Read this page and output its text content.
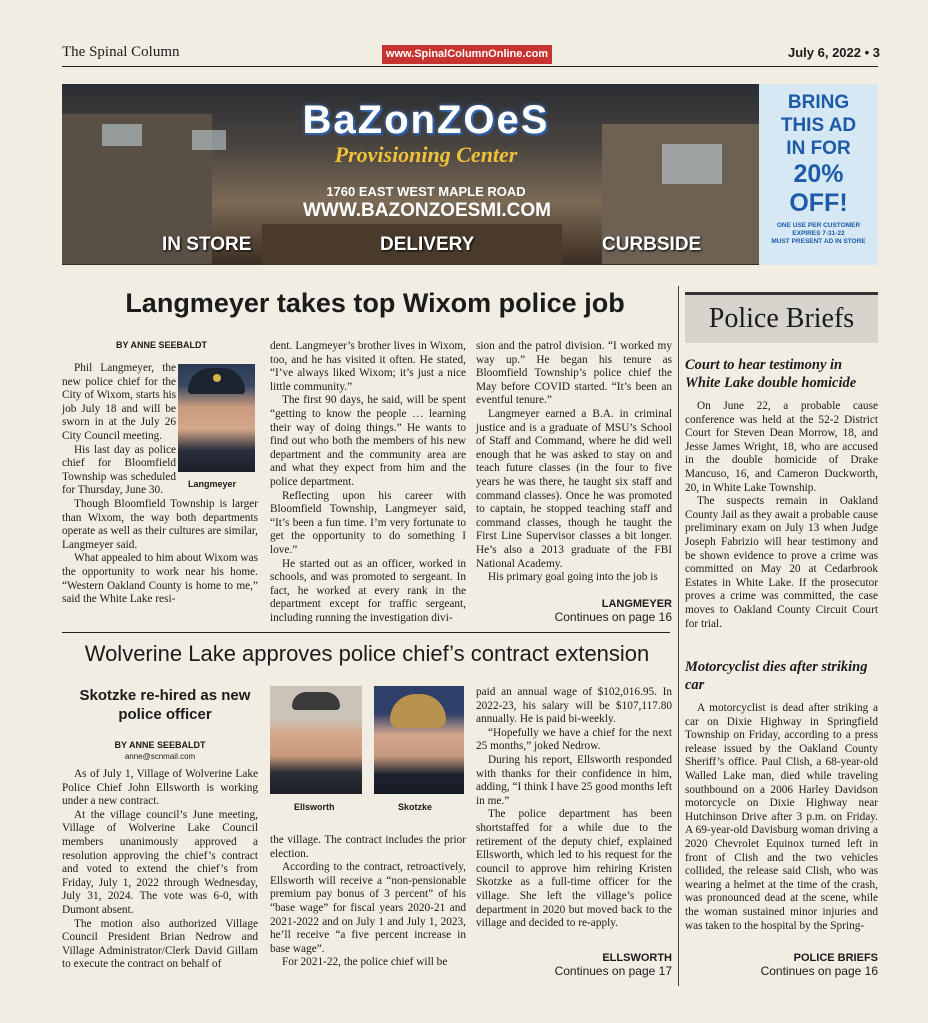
The Spinal Column	www.SpinalColumnOnline.com	July 6, 2022 • 3
BaZonZOeS
Provisioning Center
1760 EAST WEST MAPLE ROAD
WWW.BAZONZOESMI.COM
IN STORE	DELIVERY	CURBSIDE
BRING
THIS AD
IN FOR
20%
OFF!
ONE USE PER CUSTOMER
EXPIRES 7-31-22
MUST PRESENT AD IN STORE
Langmeyer takes top Wixom police job
BY ANNE SEEBALDT
Langmeyer

Phil Langmeyer, the new police chief for the City of Wixom, starts his job July 18 and will be sworn in at the July 26 City Council meeting.

His last day as police chief for Bloomfield Township was scheduled for Thursday, June 30.

Though Bloomfield Township is larger than Wixom, the way both departments operate as well as their cultures are similar, Langmeyer said.

What appealed to him about Wixom was the opportunity to work near his home. “Western Oakland County is home to me,” said the White Lake resi-

dent. Langmeyer’s brother lives in Wixom, too, and he has visited it often. He stated, “I’ve always liked Wixom; it’s just a nice little community.”

The first 90 days, he said, will be spent “getting to know the people … learning their way of doing things.” He wants to find out who both the members of his new department and the community area are and what they expect from him and the police department.

Reflecting upon his career with Bloomfield Township, Langmeyer said, “It’s been a fun time. I’m very fortunate to get the opportunity to do something I love.”

He started out as an officer, worked in schools, and was promoted to sergeant. In fact, he worked at every rank in the department except for traffic sergeant, including running the investigation divi-

sion and the patrol division. “I worked my way up.” He began his tenure as Bloomfield Township’s police chief the May before COVID started. “It’s been an eventful tenure.”

Langmeyer earned a B.A. in criminal justice and is a graduate of MSU’s School of Staff and Command, where he did well enough that he was asked to stay on and teach future classes (in the four to five years he was there, he taught six staff and command classes). Once he was promoted to captain, he stopped teaching staff and command classes, though he taught the First Line Supervisor classes a bit longer. He’s also a 2013 graduate of the FBI National Academy.

His primary goal going into the job is

LANGMEYER
Continues on page 16
Wolverine Lake approves police chief’s contract extension
Skotzke re-hired as new police officer
BY ANNE SEEBALDT
anne@scnmail.com
Ellsworth	Skotzke

As of July 1, Village of Wolverine Lake Police Chief John Ellsworth is working under a new contract.

At the village council’s June meeting, Village of Wolverine Lake Council members unanimously approved a resolution approving the chief’s contract and voted to extend the chief’s from Friday, July 1, 2022 through Wednesday, July 31, 2024. The vote was 6-0, with Dumont absent.

The motion also authorized Village Council President Brian Nedrow and Village Administrator/Clerk David Gillam to execute the contract on behalf of

the village. The contract includes the prior election.

According to the contract, retroactively, Ellsworth will receive a “non-pensionable premium pay bonus of 3 percent” of his “base wage” for fiscal years 2020-21 and 2021-2022 and on July 1 and July 1, 2023, he’ll receive “a five percent increase in base wage”.

For 2021-22, the police chief will be

paid an annual wage of $102,016.95. In 2022-23, his salary will be $107,117.80 annually. He is paid bi-weekly.

“Hopefully we have a chief for the next 25 months,” joked Nedrow.

During his report, Ellsworth responded with thanks for their confidence in him, adding, “I think I have 25 good months left in me.”

The police department has been shortstaffed for a while due to the retirement of the deputy chief, explained Ellsworth, which led to his request for the council to approve him rehiring Kristen Skotzke as a full-time officer for the village. She left the village’s police department in 2020 but moved back to the village and decided to re-apply.

ELLSWORTH
Continues on page 17
Police Briefs
Court to hear testimony in White Lake double homicide

On June 22, a probable cause conference was held at the 52-2 District Court for Steven Dean Morrow, 18, and Jesse James Wright, 18, who are accused in the double homicide of Drake Mancuso, 16, and Cameron Duckworth, 20, in White Lake Township.

The suspects remain in Oakland County Jail as they await a probable cause preliminary exam on July 13 when Judge Joseph Fabrizio will hear testimony and be shown evidence to prove a crime was committed on May 20 at Cedarbrook Estates in White Lake. If the prosecutor proves a crime was committed, the case moves to Oakland County Circuit Court for trial.

Motorcyclist dies after striking car

A motorcyclist is dead after striking a car on Dixie Highway in Springfield Township on Friday, according to a press release issued by the Oakland County Sheriff’s office. Paul Clish, a 68-year-old Walled Lake man, died while traveling southbound on a 2006 Harley Davidson motorcycle on Dixie Highway near Hutchinson Drive after 3 p.m. on Friday. A 69-year-old Davisburg woman driving a 2020 Chevrolet Equinox turned left in front of Clish and the two vehicles collided, the release said Clish, who was wearing a helmet at the time of the crash, was pronounced dead at the scene, while the woman sustained minor injuries and was taken to the hospital by the Spring-

POLICE BRIEFS
Continues on page 16
